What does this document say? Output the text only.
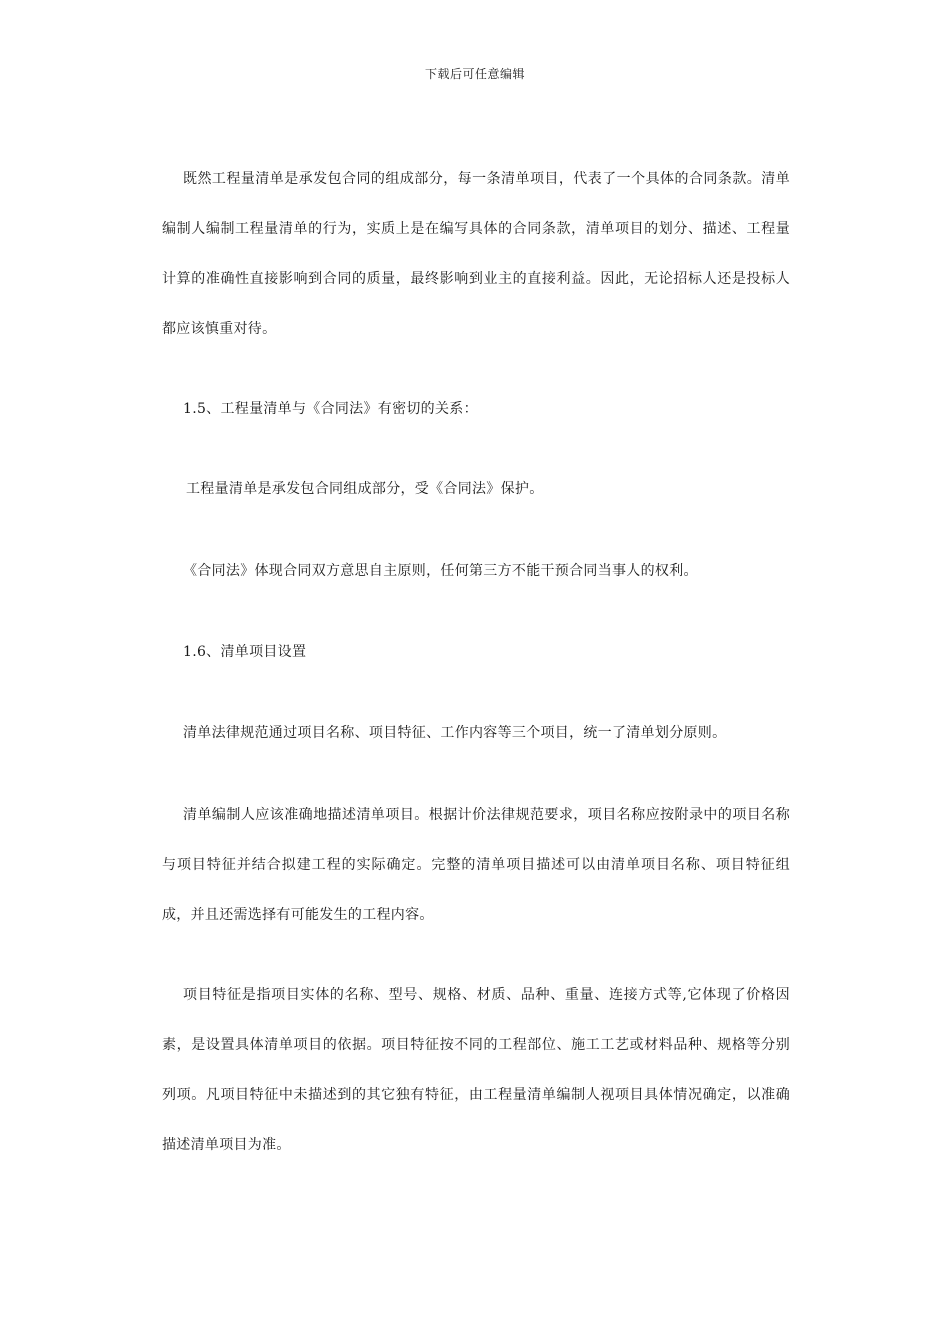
下载后可任意编辑

既然工程量清单是承发包合同的组成部分，每一条清单项目，代表了一个具体的合同条款。清单编制人编制工程量清单的行为，实质上是在编写具体的合同条款，清单项目的划分、描述、工程量计算的准确性直接影响到合同的质量，最终影响到业主的直接利益。因此，无论招标人还是投标人都应该慎重对待。

1.5、工程量清单与《合同法》有密切的关系：

工程量清单是承发包合同组成部分，受《合同法》保护。

《合同法》体现合同双方意思自主原则，任何第三方不能干预合同当事人的权利。

1.6、清单项目设置

清单法律规范通过项目名称、项目特征、工作内容等三个项目，统一了清单划分原则。

清单编制人应该准确地描述清单项目。根据计价法律规范要求，项目名称应按附录中的项目名称与项目特征并结合拟建工程的实际确定。完整的清单项目描述可以由清单项目名称、项目特征组成，并且还需选择有可能发生的工程内容。

项目特征是指项目实体的名称、型号、规格、材质、品种、重量、连接方式等,它体现了价格因素，是设置具体清单项目的依据。项目特征按不同的工程部位、施工工艺或材料品种、规格等分别列项。凡项目特征中未描述到的其它独有特征，由工程量清单编制人视项目具体情况确定，以准确描述清单项目为准。
